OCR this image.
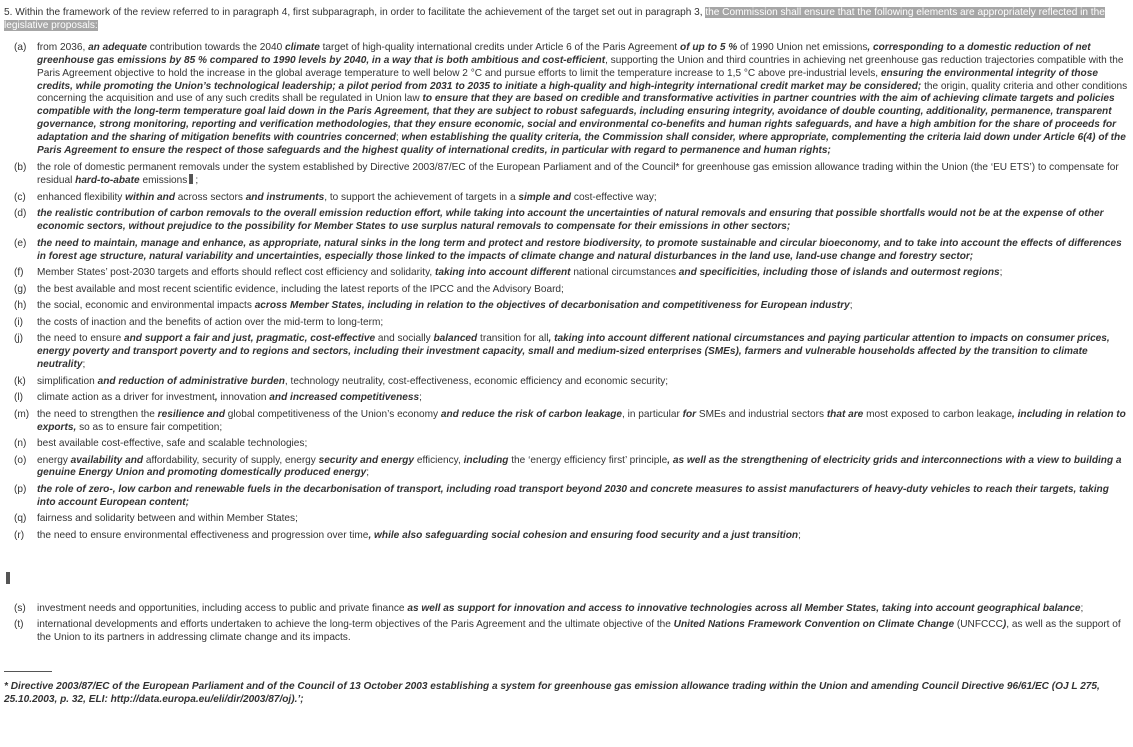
5. Within the framework of the review referred to in paragraph 4, first subparagraph, in order to facilitate the achievement of the target set out in paragraph 3, the Commission shall ensure that the following elements are appropriately reflected in the legislative proposals:

(a) from 2036, an adequate contribution towards the 2040 climate target of high-quality international credits under Article 6 of the Paris Agreement of up to 5 % of 1990 Union net emissions, corresponding to a domestic reduction of net greenhouse gas emissions by 85 % compared to 1990 levels by 2040, in a way that is both ambitious and cost-efficient, supporting the Union and third countries in achieving net greenhouse gas reduction trajectories compatible with the Paris Agreement objective to hold the increase in the global average temperature to well below 2 °C and pursue efforts to limit the temperature increase to 1,5 °C above pre-industrial levels, ensuring the environmental integrity of those credits, while promoting the Union’s technological leadership; a pilot period from 2031 to 2035 to initiate a high-quality and high-integrity international credit market may be considered; the origin, quality criteria and other conditions concerning the acquisition and use of any such credits shall be regulated in Union law to ensure that they are based on credible and transformative activities in partner countries with the aim of achieving climate targets and policies compatible with the long-term temperature goal laid down in the Paris Agreement, that they are subject to robust safeguards, including ensuring integrity, avoidance of double counting, additionality, permanence, transparent governance, strong monitoring, reporting and verification methodologies, that they ensure economic, social and environmental co-benefits and human rights safeguards, and have a high ambition for the share of proceeds for adaptation and the sharing of mitigation benefits with countries concerned; when establishing the quality criteria, the Commission shall consider, where appropriate, complementing the criteria laid down under Article 6(4) of the Paris Agreement to ensure the respect of those safeguards and the highest quality of international credits, in particular with regard to permanence and human rights;
(b) the role of domestic permanent removals under the system established by Directive 2003/87/EC of the European Parliament and of the Council* for greenhouse gas emission allowance trading within the Union (the ‘EU ETS’) to compensate for residual hard-to-abate emissions ;
(c) enhanced flexibility within and across sectors and instruments, to support the achievement of targets in a simple and cost-effective way;
(d) the realistic contribution of carbon removals to the overall emission reduction effort, while taking into account the uncertainties of natural removals and ensuring that possible shortfalls would not be at the expense of other economic sectors, without prejudice to the possibility for Member States to use surplus natural removals to compensate for their emissions in other sectors;
(e) the need to maintain, manage and enhance, as appropriate, natural sinks in the long term and protect and restore biodiversity, to promote sustainable and circular bioeconomy, and to take into account the effects of differences in forest age structure, natural variability and uncertainties, especially those linked to the impacts of climate change and natural disturbances in the land use, land-use change and forestry sector;
(f) Member States’ post-2030 targets and efforts should reflect cost efficiency and solidarity, taking into account different national circumstances and specificities, including those of islands and outermost regions;
(g) the best available and most recent scientific evidence, including the latest reports of the IPCC and the Advisory Board;
(h) the social, economic and environmental impacts across Member States, including in relation to the objectives of decarbonisation and competitiveness for European industry;
(i) the costs of inaction and the benefits of action over the mid-term to long-term;
(j) the need to ensure and support a fair and just, pragmatic, cost-effective and socially balanced transition for all, taking into account different national circumstances and paying particular attention to impacts on consumer prices, energy poverty and transport poverty and to regions and sectors, including their investment capacity, small and medium-sized enterprises (SMEs), farmers and vulnerable households affected by the transition to climate neutrality;
(k) simplification and reduction of administrative burden, technology neutrality, cost-effectiveness, economic efficiency and economic security;
(l) climate action as a driver for investment, innovation and increased competitiveness;
(m) the need to strengthen the resilience and global competitiveness of the Union’s economy and reduce the risk of carbon leakage, in particular for SMEs and industrial sectors that are most exposed to carbon leakage, including in relation to exports, so as to ensure fair competition;
(n) best available cost-effective, safe and scalable technologies;
(o) energy availability and affordability, security of supply, energy security and energy efficiency, including the ‘energy efficiency first’ principle, as well as the strengthening of electricity grids and interconnections with a view to building a genuine Energy Union and promoting domestically produced energy;
(p) the role of zero-, low carbon and renewable fuels in the decarbonisation of transport, including road transport beyond 2030 and concrete measures to assist manufacturers of heavy-duty vehicles to reach their targets, taking into account European content;
(q) fairness and solidarity between and within Member States;
(r) the need to ensure environmental effectiveness and progression over time, while also safeguarding social cohesion and ensuring food security and a just transition;
(s) investment needs and opportunities, including access to public and private finance as well as support for innovation and access to innovative technologies across all Member States, taking into account geographical balance;
(t) international developments and efforts undertaken to achieve the long-term objectives of the Paris Agreement and the ultimate objective of the United Nations Framework Convention on Climate Change (UNFCCC), as well as the support of the Union to its partners in addressing climate change and its impacts.

* Directive 2003/87/EC of the European Parliament and of the Council of 13 October 2003 establishing a system for greenhouse gas emission allowance trading within the Union and amending Council Directive 96/61/EC (OJ L 275, 25.10.2003, p. 32, ELI: http://data.europa.eu/eli/dir/2003/87/oj).’;
